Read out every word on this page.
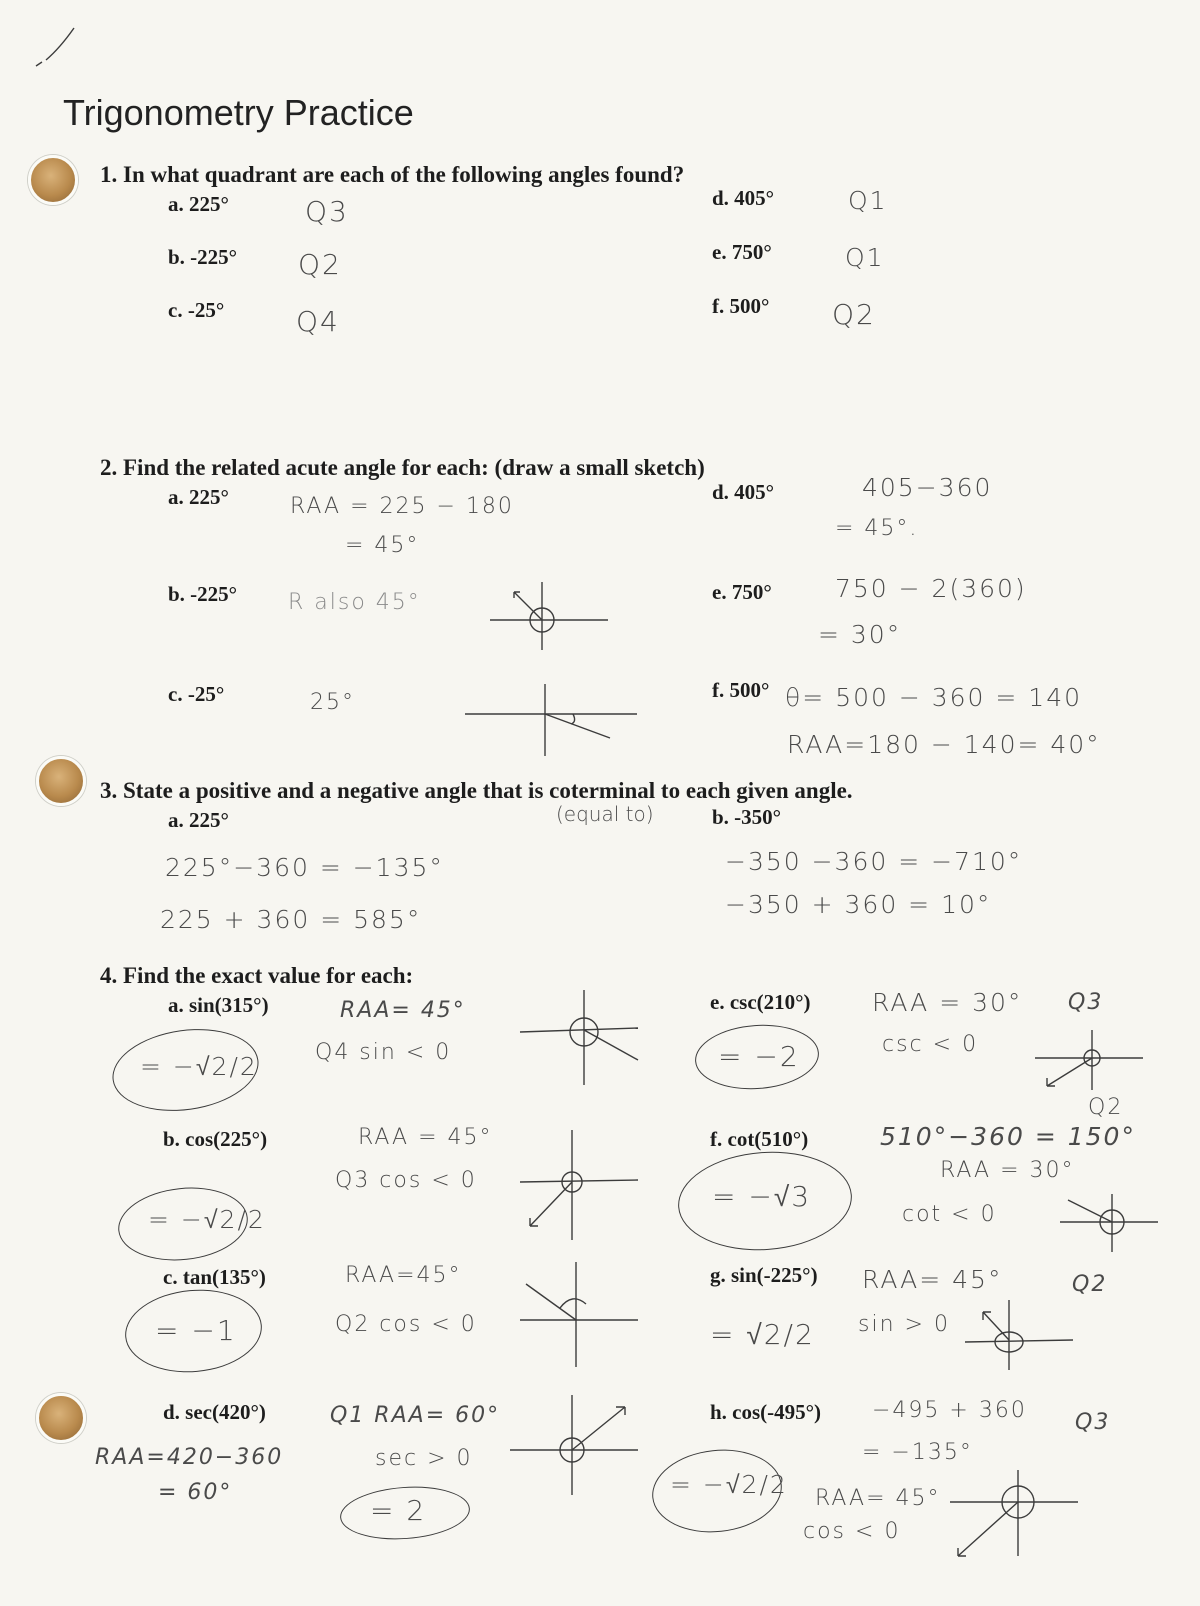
Trigonometry Practice
1. In what quadrant are each of the following angles found?
a. 225°	Q3
b. -225° Q2
c. -25°	Q4
d. 405°	Q1
e. 750°	Q1
f. 500° Q2
2. Find the related acute angle for each: (draw a small sketch)
a. 225°	RAA = 225 − 180
= 45°
b. -225° R also 45°
c. -25°	25°
d. 405°	405−360
= 45°.
e. 750°	750 − 2(360)
= 30°
f. 500° θ= 500 − 360 = 140
RAA=180 − 140= 40°
3. State a positive and a negative angle that is coterminal to each given angle.
a. 225°	(equal to)	b. -350°
225°−360 = −135°
225 + 360 = 585°
−350 −360 = −710°
−350 + 360 = 10°
4. Find the exact value for each:
a. sin(315°)	RAA= 45°
Q4 sin < 0
= −√2/2
b. cos(225°)	RAA = 45°
Q3 cos < 0
= −√2/2
c. tan(135°)	RAA=45°
Q2 cos < 0
= −1
d. sec(420°)
RAA=420−360
= 60°
Q1 RAA= 60°
sec > 0
= 2
e. csc(210°) RAA = 30°
csc < 0
Q3
= −2
f. cot(510°)
Q2
510°−360 = 150°
RAA = 30°
cot < 0
= −√3
g. sin(-225°) RAA= 45°
sin > 0
Q2
= √2/2
h. cos(-495°) −495 + 360
= −135°
RAA= 45°
cos < 0
Q3
= −√2/2
